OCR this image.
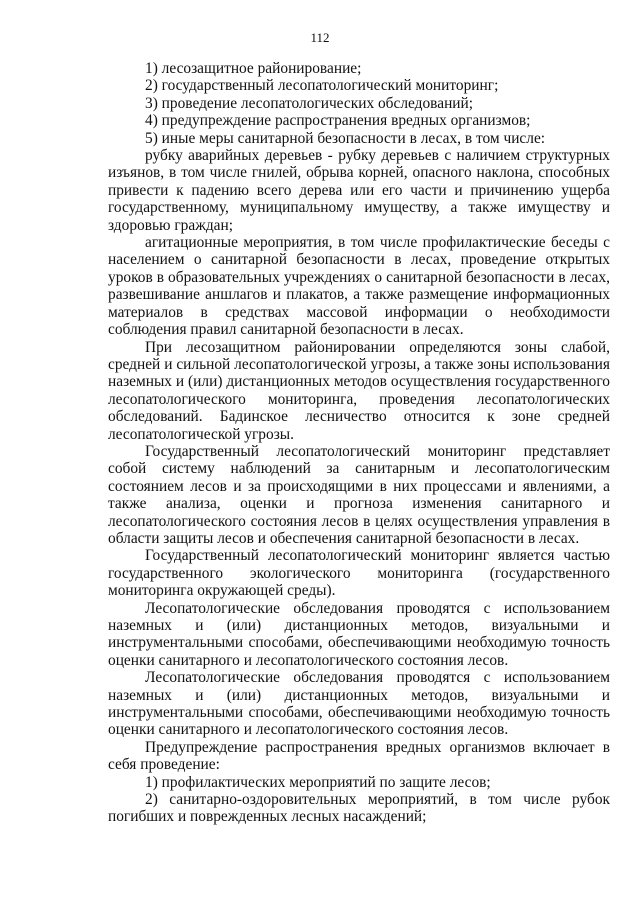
112

1) лесозащитное районирование;

2) государственный лесопатологический мониторинг;

3) проведение лесопатологических обследований;

4) предупреждение распространения вредных организмов;

5) иные меры санитарной безопасности в лесах, в том числе:

рубку аварийных деревьев - рубку деревьев с наличием структурных изъянов, в том числе гнилей, обрыва корней, опасного наклона, способных привести к падению всего дерева или его части и причинению ущерба государственному, муниципальному имуществу, а также имуществу и здоровью граждан;

агитационные мероприятия, в том числе профилактические беседы с населением о санитарной безопасности в лесах, проведение открытых уроков в образовательных учреждениях о санитарной безопасности в лесах, развешивание аншлагов и плакатов, а также размещение информационных материалов в средствах массовой информации о необходимости соблюдения правил санитарной безопасности в лесах.

При лесозащитном районировании определяются зоны слабой, средней и сильной лесопатологической угрозы, а также зоны использования наземных и (или) дистанционных методов осуществления государственного лесопатологического мониторинга, проведения лесопатологических обследований. Бадинское лесничество относится к зоне средней лесопатологической угрозы.

Государственный лесопатологический мониторинг представляет собой систему наблюдений за санитарным и лесопатологическим состоянием лесов и за происходящими в них процессами и явлениями, а также анализа, оценки и прогноза изменения санитарного и лесопатологического состояния лесов в целях осуществления управления в области защиты лесов и обеспечения санитарной безопасности в лесах.

Государственный лесопатологический мониторинг является частью государственного экологического мониторинга (государственного мониторинга окружающей среды).

Лесопатологические обследования проводятся с использованием наземных и (или) дистанционных методов, визуальными и инструментальными способами, обеспечивающими необходимую точность оценки санитарного и лесопатологического состояния лесов.

Лесопатологические обследования проводятся с использованием наземных и (или) дистанционных методов, визуальными и инструментальными способами, обеспечивающими необходимую точность оценки санитарного и лесопатологического состояния лесов.

Предупреждение распространения вредных организмов включает в себя проведение:

1) профилактических мероприятий по защите лесов;

2) санитарно-оздоровительных мероприятий, в том числе рубок погибших и поврежденных лесных насаждений;
